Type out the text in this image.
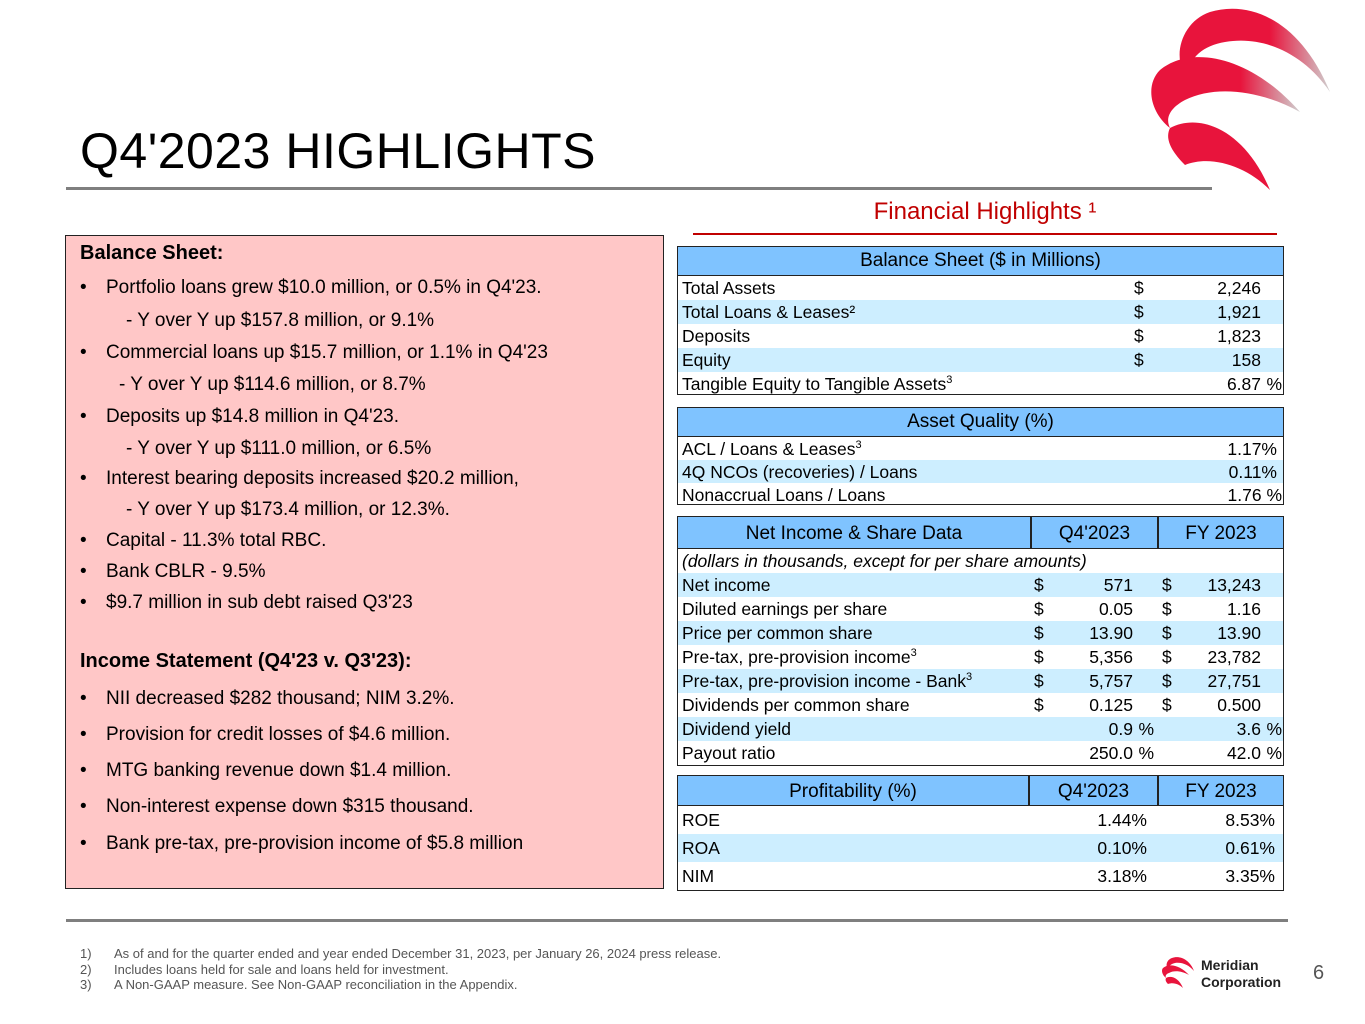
Q4'2023 HIGHLIGHTS
Financial Highlights ¹
Balance Sheet:
• Portfolio loans grew $10.0 million, or 0.5% in Q4'23.
- Y over Y up $157.8 million, or 9.1%
• Commercial loans up $15.7 million, or 1.1% in Q4'23
- Y over Y up $114.6 million, or 8.7%
• Deposits up $14.8 million in Q4'23.
- Y over Y up $111.0 million, or 6.5%
• Interest bearing deposits increased $20.2 million,
- Y over Y up $173.4 million, or 12.3%.
• Capital - 11.3% total RBC.
• Bank CBLR - 9.5%
• $9.7 million in sub debt raised Q3'23
Income Statement (Q4'23 v. Q3'23):
• NII decreased $282 thousand; NIM 3.2%.
• Provision for credit losses of $4.6 million.
• MTG banking revenue down $1.4 million.
• Non-interest expense down $315 thousand.
• Bank pre-tax, pre-provision income of $5.8 million
Balance Sheet ($ in Millions)
Total Assets	$	2,246
Total Loans & Leases²	$	1,921
Deposits	$	1,823
Equity	$	158
Tangible Equity to Tangible Assets$^3$	6.87 %
Asset Quality (%)
ACL / Loans & Leases$^3$	1.17%
4Q NCOs (recoveries) / Loans	0.11%
Nonaccrual Loans / Loans	1.76 %
Net Income & Share Data	Q4'2023	FY 2023
(dollars in thousands, except for per share amounts)
Net income	$	571 $ 13,243
Diluted earnings per share	$	0.05 $	1.16
Price per common share	$	13.90 $	13.90
Pre-tax, pre-provision income$^3$	$	5,356 $ 23,782
Pre-tax, pre-provision income - Bank$^3$	$	5,757 $ 27,751
Dividends per common share	$	0.125 $	0.500
Dividend yield	0.9 %	3.6 %
Payout ratio	250.0 %	42.0 %
Profitability (%)	Q4'2023	FY 2023
ROE	1.44%	8.53%
ROA	0.10%	0.61%
NIM	3.18%	3.35%
1) As of and for the quarter ended and year ended December 31, 2023, per January 26, 2024 press release.
2) Includes loans held for sale and loans held for investment.
3) A Non-GAAP measure. See Non-GAAP reconciliation in the Appendix.
Meridian
Corporation 6
